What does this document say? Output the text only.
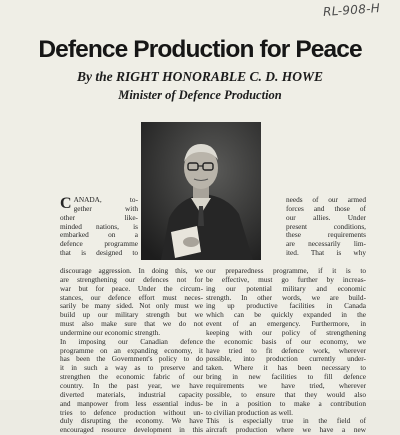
RL-908-H
Defence Production for Peace
By the RIGHT HONORABLE C. D. HOWE
Minister of Defence Production
C ANADA, to-
gether with
other like-
minded nations, is
embarked on a
defence programme
that is designed to
discourage aggression. In doing this, we
are strengthening our defences not for
war but for peace. Under the circum-
stances, our defence effort must neces-
sarily be many sided. Not only must we
build up our military strength but we
must also make sure that we do not
undermine our economic strength.
In imposing our Canadian defence
programme on an expanding economy, it
has been the Government's policy to do
it in such a way as to preserve and
strengthen the economic fabric of our
country. In the past year, we have
diverted materials, industrial capacity
and manpower from less essential indus-
tries to defence production without un-
duly disrupting the economy. We have
encouraged resource development in this
needs of our armed
forces and those of
our allies. Under
present conditions,
these requirements
are necessarily lim-
ited. That is why
our preparedness programme, if it is to
be effective, must go further by increas-
ing our potential military and economic
strength. In other words, we are build-
ing up productive facilities in Canada
which can be quickly expanded in the
event of an emergency. Furthermore, in
keeping with our policy of strengthening
the economic basis of our economy, we
have tried to fit defence work, wherever
possible, into production currently under-
taken. Where it has been necessary to
bring in new facilities to fill defence
requirements we have tried, wherever
possible, to ensure that they would also
be in a position to make a contribution
to civilian production as well.
This is especially true in the field of
aircraft production where we have a new
